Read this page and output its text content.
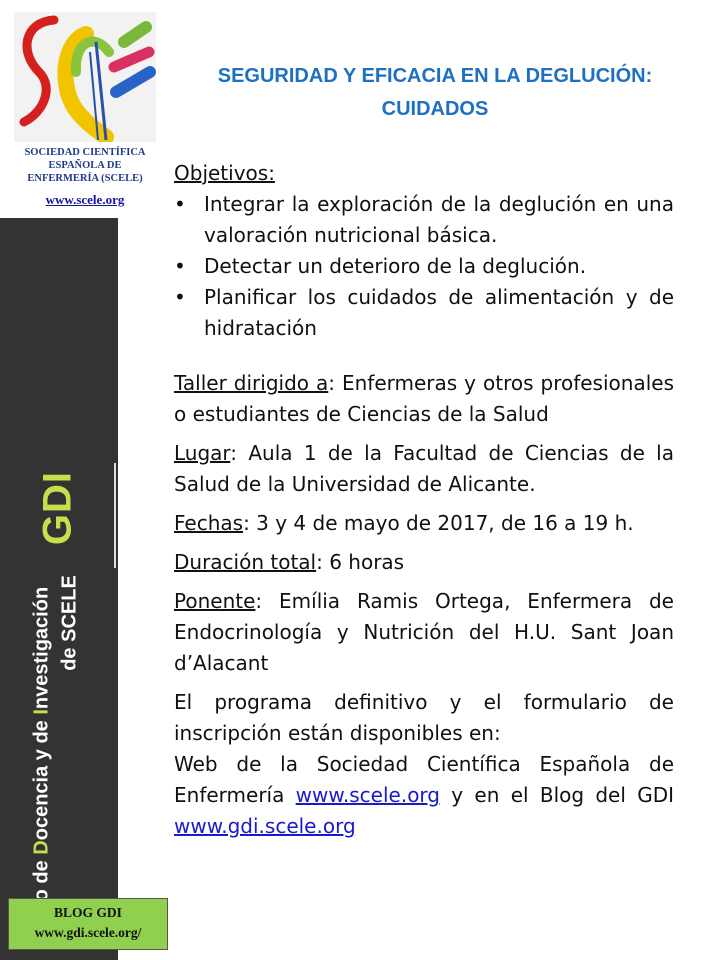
SOCIEDAD CIENTÍFICA
ESPAÑOLA DE
ENFERMERÍA (SCELE)
www.scele.org
GDI
Docencia y de Investigación de SCELE
BLOG GDI
www.gdi.scele.org/
SEGURIDAD Y EFICACIA EN LA DEGLUCIÓN:
CUIDADOS
Objetivos:
• Integrar la exploración de la deglución en una valoración nutricional básica.
• Detectar un deterioro de la deglución.
• Planificar los cuidados de alimentación y de hidratación

Taller dirigido a: Enfermeras y otros profesionales o estudiantes de Ciencias de la Salud

Lugar: Aula 1 de la Facultad de Ciencias de la Salud de la Universidad de Alicante.

Fechas: 3 y 4 de mayo de 2017, de 16 a 19 h.

Duración total: 6 horas

Ponente: Emília Ramis Ortega, Enfermera de Endocrinología y Nutrición del H.U. Sant Joan d’Alacant

El programa definitivo y el formulario de inscripción están disponibles en:

Web de la Sociedad Científica Española de Enfermería www.scele.org y en el Blog del GDI www.gdi.scele.org
